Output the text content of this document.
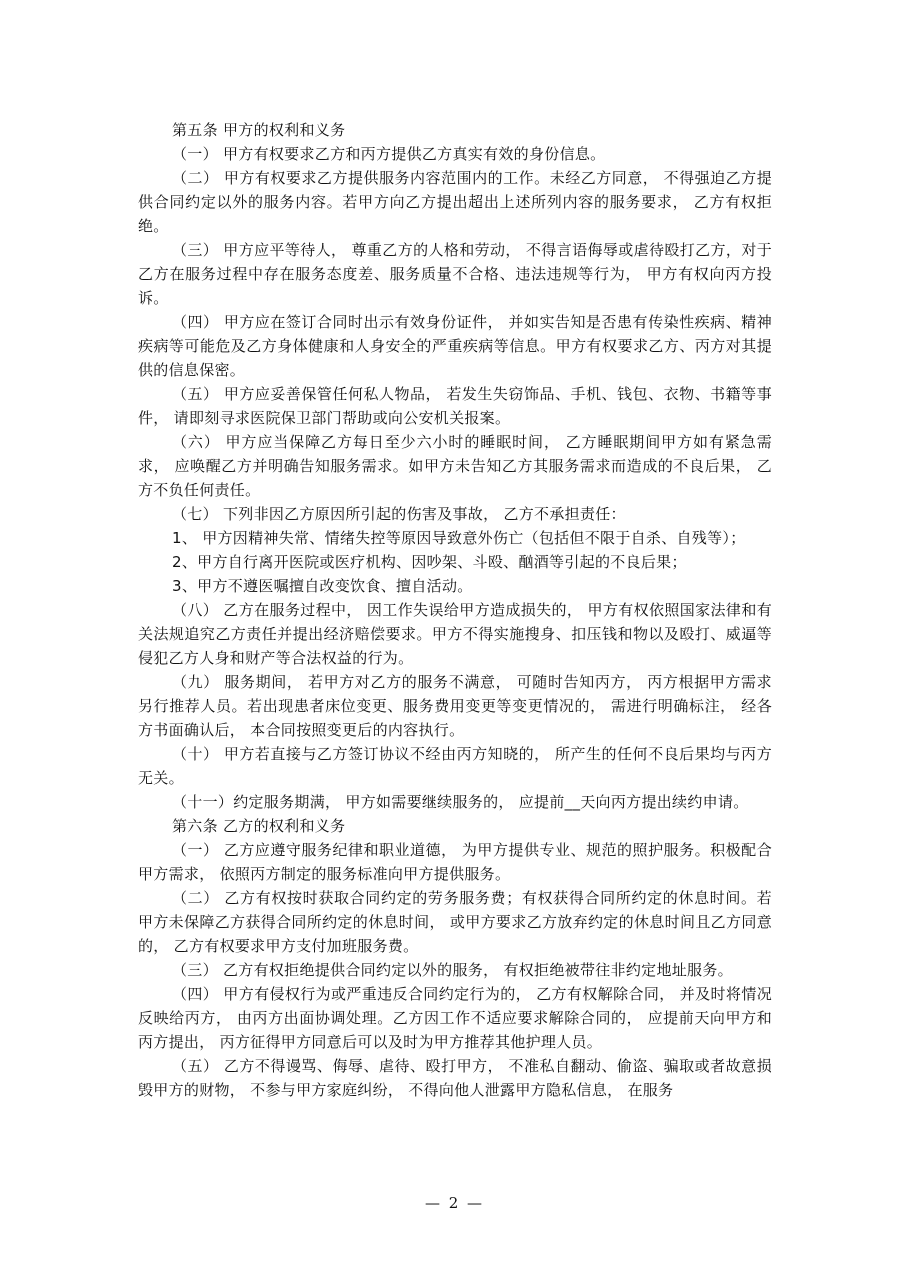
第五条 甲方的权利和义务

（一） 甲方有权要求乙方和丙方提供乙方真实有效的身份信息。

（二） 甲方有权要求乙方提供服务内容范围内的工作。未经乙方同意， 不得强迫乙方提供合同约定以外的服务内容。若甲方向乙方提出超出上述所列内容的服务要求， 乙方有权拒绝。

（三） 甲方应平等待人， 尊重乙方的人格和劳动， 不得言语侮辱或虐待殴打乙方，对于乙方在服务过程中存在服务态度差、服务质量不合格、违法违规等行为， 甲方有权向丙方投诉。

（四） 甲方应在签订合同时出示有效身份证件， 并如实告知是否患有传染性疾病、精神疾病等可能危及乙方身体健康和人身安全的严重疾病等信息。甲方有权要求乙方、丙方对其提供的信息保密。

（五） 甲方应妥善保管任何私人物品， 若发生失窃饰品、手机、钱包、衣物、书籍等事件， 请即刻寻求医院保卫部门帮助或向公安机关报案。

（六） 甲方应当保障乙方每日至少六小时的睡眠时间， 乙方睡眠期间甲方如有紧急需求， 应唤醒乙方并明确告知服务需求。如甲方未告知乙方其服务需求而造成的不良后果， 乙方不负任何责任。

（七） 下列非因乙方原因所引起的伤害及事故， 乙方不承担责任：

1、 甲方因精神失常、情绪失控等原因导致意外伤亡（包括但不限于自杀、自残等）；

2、甲方自行离开医院或医疗机构、因吵架、斗殴、酗酒等引起的不良后果；

3、甲方不遵医嘱擅自改变饮食、擅自活动。

（八） 乙方在服务过程中， 因工作失误给甲方造成损失的， 甲方有权依照国家法律和有关法规追究乙方责任并提出经济赔偿要求。甲方不得实施搜身、扣压钱和物以及殴打、威逼等侵犯乙方人身和财产等合法权益的行为。

（九） 服务期间， 若甲方对乙方的服务不满意， 可随时告知丙方， 丙方根据甲方需求另行推荐人员。若出现患者床位变更、服务费用变更等变更情况的， 需进行明确标注， 经各方书面确认后， 本合同按照变更后的内容执行。

（十） 甲方若直接与乙方签订协议不经由丙方知晓的， 所产生的任何不良后果均与丙方无关。

（十一）约定服务期满， 甲方如需要继续服务的， 应提前__天向丙方提出续约申请。

第六条 乙方的权利和义务

（一） 乙方应遵守服务纪律和职业道德， 为甲方提供专业、规范的照护服务。积极配合甲方需求， 依照丙方制定的服务标准向甲方提供服务。

（二） 乙方有权按时获取合同约定的劳务服务费；有权获得合同所约定的休息时间。若甲方未保障乙方获得合同所约定的休息时间， 或甲方要求乙方放弃约定的休息时间且乙方同意的， 乙方有权要求甲方支付加班服务费。

（三） 乙方有权拒绝提供合同约定以外的服务， 有权拒绝被带往非约定地址服务。

（四） 甲方有侵权行为或严重违反合同约定行为的， 乙方有权解除合同， 并及时将情况反映给丙方， 由丙方出面协调处理。乙方因工作不适应要求解除合同的， 应提前天向甲方和丙方提出， 丙方征得甲方同意后可以及时为甲方推荐其他护理人员。

（五） 乙方不得谩骂、侮辱、虐待、殴打甲方， 不准私自翻动、偷盗、骗取或者故意损毁甲方的财物， 不参与甲方家庭纠纷， 不得向他人泄露甲方隐私信息， 在服务

— 2 —
